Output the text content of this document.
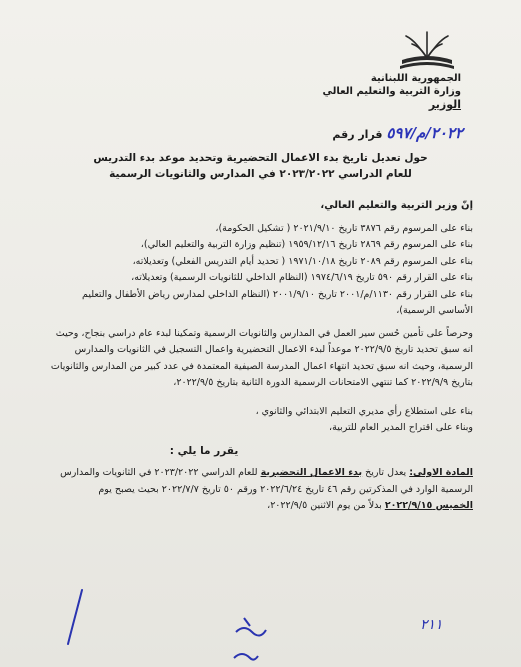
الجمهورية اللبنانية
وزارة التربية والتعليم العالي
الوزير
قرار رقم ٢٠٢٢/م/٥٩٧
حول تعديل تاريخ بدء الاعمال التحضيرية وتحديد موعد بدء التدريس
للعام الدراسي ٢٠٢٣/٢٠٢٢ في المدارس والثانويات الرسمية

إنّ وزير التربية والتعليم العالي،

بناء على المرسوم رقم ٣٨٧٦ تاريخ ٢٠٢١/٩/١٠ ( تشكيل الحكومة)،

بناء على المرسوم رقم ٢٨٦٩ تاريخ ١٩٥٩/١٢/١٦ (تنظيم وزارة التربية والتعليم العالي)،

بناء على المرسوم رقم ٢٠٨٩ تاريخ ١٩٧١/١٠/١٨ ( تحديد أيام التدريس الفعلي) وتعديلاته،

بناء على القرار رقم ٥٩٠ تاريخ ١٩٧٤/٦/١٩ (النظام الداخلي للثانويات الرسمية) وتعديلاته،

بناء على القرار رقم ١١٣٠/م/٢٠٠١ تاريخ ٢٠٠١/٩/١٠ (النظام الداخلي لمدارس رياض الأطفال والتعليم

الأساسي الرسمية)،

وحرصاً على تأمين حُسن سير العمل في المدارس والثانويات الرسمية وتمكينا لبدء عام دراسي بنجاح، وحيث

انه سبق تحديد تاريخ ٢٠٢٢/٩/٥ موعداً لبدء الاعمال التحضيرية واعمال التسجيل في الثانويات والمدارس

الرسمية، وحيث انه سبق تحديد انتهاء اعمال المدرسة الصيفية المعتمدة في عدد كبير من المدارس والثانويات

بتاريخ ٢٠٢٢/٩/٩ كما تنتهي الامتحانات الرسمية الدورة الثانية بتاريخ ٢٠٢٢/٩/٥،

بناء على استطلاع رأي مديري التعليم الابتدائي والثانوي ،

وبناء على اقتراح المدير العام للتربية،

يقرر ما يلي :

المادة الاولى: يعدل تاريخ بدء الاعمال التحضيرية للعام الدراسي ٢٠٢٣/٢٠٢٢ في الثانويات والمدارس

الرسمية الوارد في المذكرتين رقم ٤٦ تاريخ ٢٠٢٢/٦/٢٤ ورقم ٥٠ تاريخ ٢٠٢٢/٧/٧ بحيث يصبح يوم

الخميس ٢٠٢٢/٩/١٥ بدلاً من يوم الاثنين ٢٠٢٢/٩/٥،

٢١١
